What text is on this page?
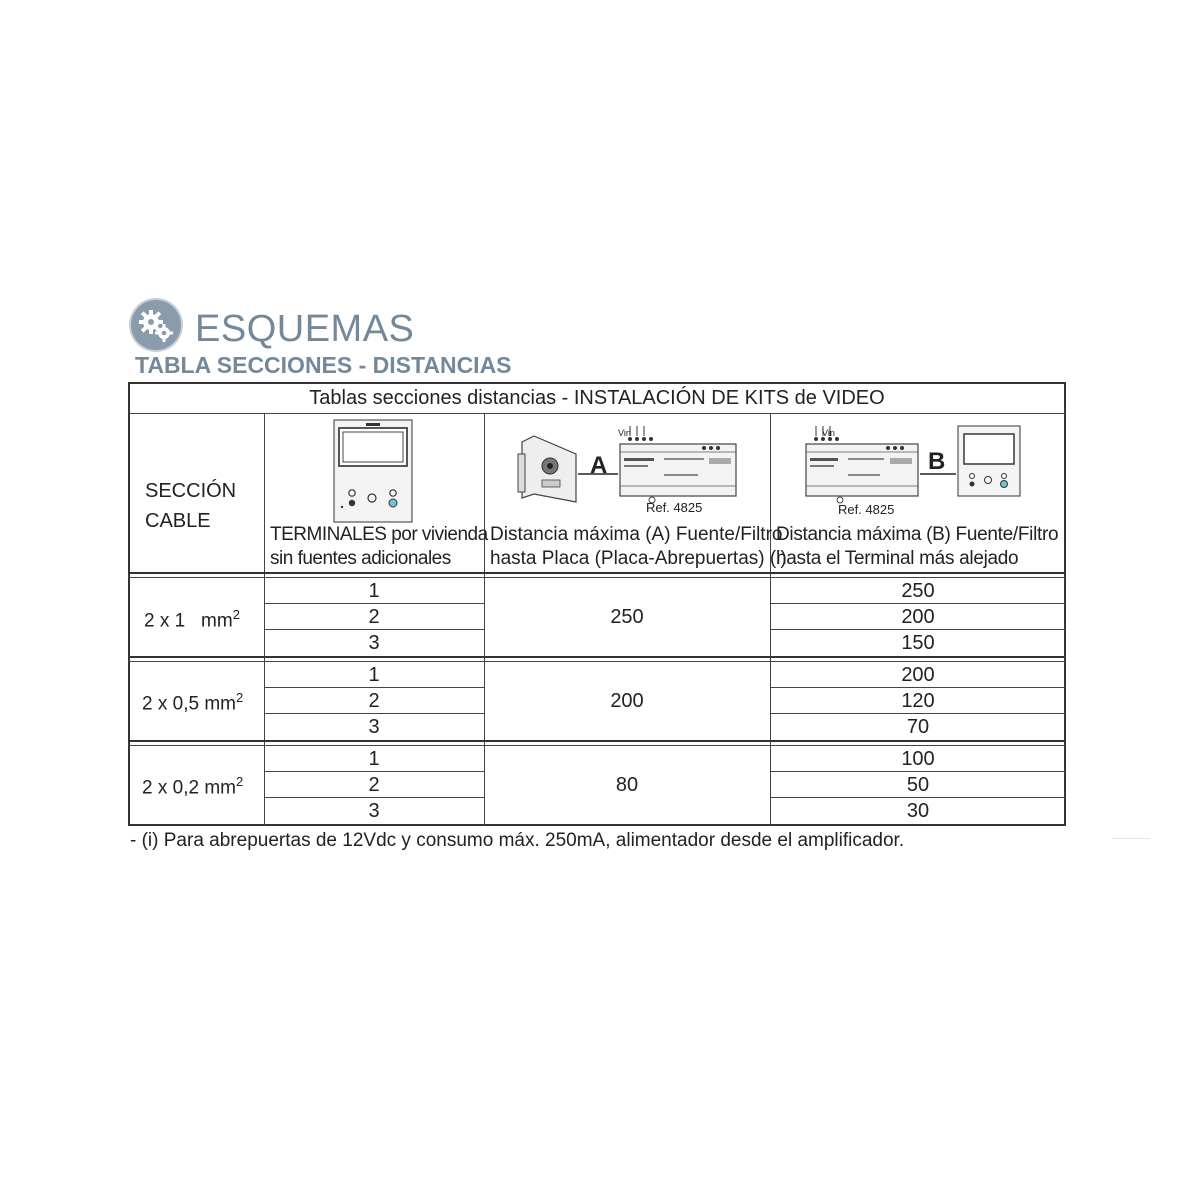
ESQUEMAS
TABLA SECCIONES - DISTANCIAS
Tablas secciones distancias - INSTALACIÓN DE KITS de VIDEO
SECCIÓN
CABLE
TERMINALES por vivienda
sin fuentes adicionales
Vin
A
Ref. 4825
Distancia máxima (A) Fuente/Filtro
hasta Placa (Placa-Abrepuertas) (i)
Vin
B
Ref. 4825
Distancia máxima (B) Fuente/Filtro
hasta el Terminal más alejado
2 x 1 $mm^2$
1
2
3
250
250
200
150
2 x 0,5 $mm^2$
1
2
3
200
200
120
70
2 x 0,2 $mm^2$
1
2
3
80
100
50
30
- (i) Para abrepuertas de 12Vdc y consumo máx. 250mA, alimentador desde el amplificador.
